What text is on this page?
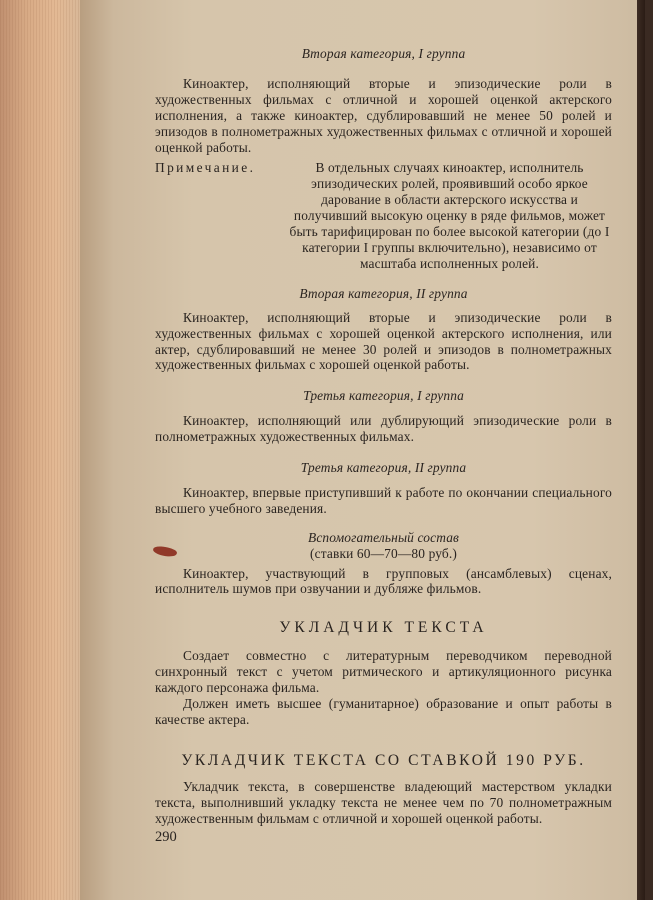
Вторая категория, I группа

Киноактер, исполняющий вторые и эпизодические роли в художественных фильмах с отличной и хорошей оценкой актерского исполнения, а также киноактер, сдублировавший не менее 50 ролей и эпизодов в полнометражных художественных фильмах с отличной и хорошей оценкой работы.

Примечание.	В отдельных случаях киноактер, исполнитель эпизодических ролей, проявивший особо яркое дарование в области актерского искусства и получивший высокую оценку в ряде фильмов, может быть тарифицирован по более высокой категории (до I категории I группы включительно), независимо от масштаба исполненных ролей.
Вторая категория, II группа

Киноактер, исполняющий вторые и эпизодические роли в художественных фильмах с хорошей оценкой актерского исполнения, или актер, сдублировавший не менее 30 ролей и эпизодов в полнометражных художественных фильмах с хорошей оценкой работы.

Третья категория, I группа

Киноактер, исполняющий или дублирующий эпизодические роли в полнометражных художественных фильмах.

Третья категория, II группа

Киноактер, впервые приступивший к работе по окончании специального высшего учебного заведения.

Вспомогательный состав
(ставки 60—70—80 руб.)

Киноактер, участвующий в групповых (ансамблевых) сценах, исполнитель шумов при озвучании и дубляже фильмов.

УКЛАДЧИК ТЕКСТА

Создает совместно с литературным переводчиком переводной синхронный текст с учетом ритмического и артикуляционного рисунка каждого персонажа фильма.

Должен иметь высшее (гуманитарное) образование и опыт работы в качестве актера.

УКЛАДЧИК ТЕКСТА СО СТАВКОЙ 190 РУБ.

Укладчик текста, в совершенстве владеющий мастерством укладки текста, выполнивший укладку текста не менее чем по 70 полнометражным художественным фильмам с отличной и хорошей оценкой работы.

290
